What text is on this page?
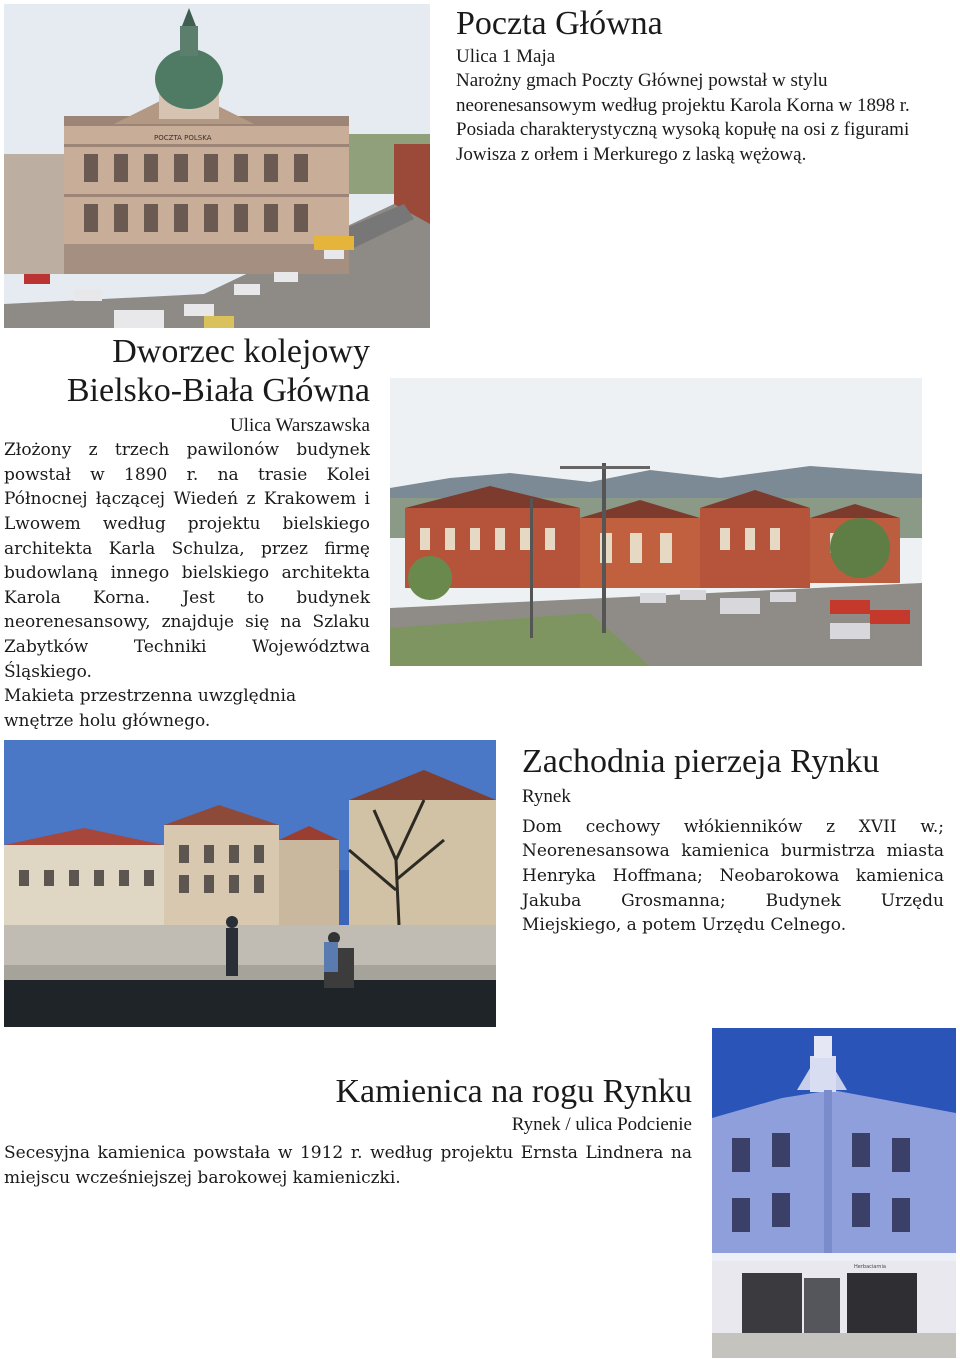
POCZTA POLSKA
Poczta Główna
Ulica 1 Maja

Narożny gmach Poczty Głównej powstał w stylu neorenesansowym według projektu Karola Korna w 1898 r. Posiada charakterystyczną wysoką kopułę na osi z figurami Jowisza z orłem i Merkurego z laską wężową.

Dworzec kolejowy
Bielsko-Biała Główna
Ulica Warszawska

Złożony z trzech pawilonów budynek powstał w 1890 r. na trasie Kolei Północnej łączącej Wiedeń z Krakowem i Lwowem według projektu bielskiego architekta Karla Schulza, przez firmę budowlaną innego bielskiego architekta Karola Korna. Jest to budynek neorenesansowy, znajduje się na Szlaku Zabytków Techniki Województwa Śląskiego.

Makieta przestrzenna uwzględnia wnętrze holu głównego.

Zachodnia pierzeja Rynku
Rynek

Dom cechowy włókienników z XVII w.; Neorenesansowa kamienica burmistrza miasta Henryka Hoffmana; Neobarokowa kamienica Jakuba Grosmanna; Budynek Urzędu Miejskiego, a potem Urzędu Celnego.

Kamienica na rogu Rynku
Rynek / ulica Podcienie

Secesyjna kamienica powstała w 1912 r. według projektu Ernsta Lindnera na miejscu wcześniejszej barokowej kamieniczki.

Herbaciarnia
